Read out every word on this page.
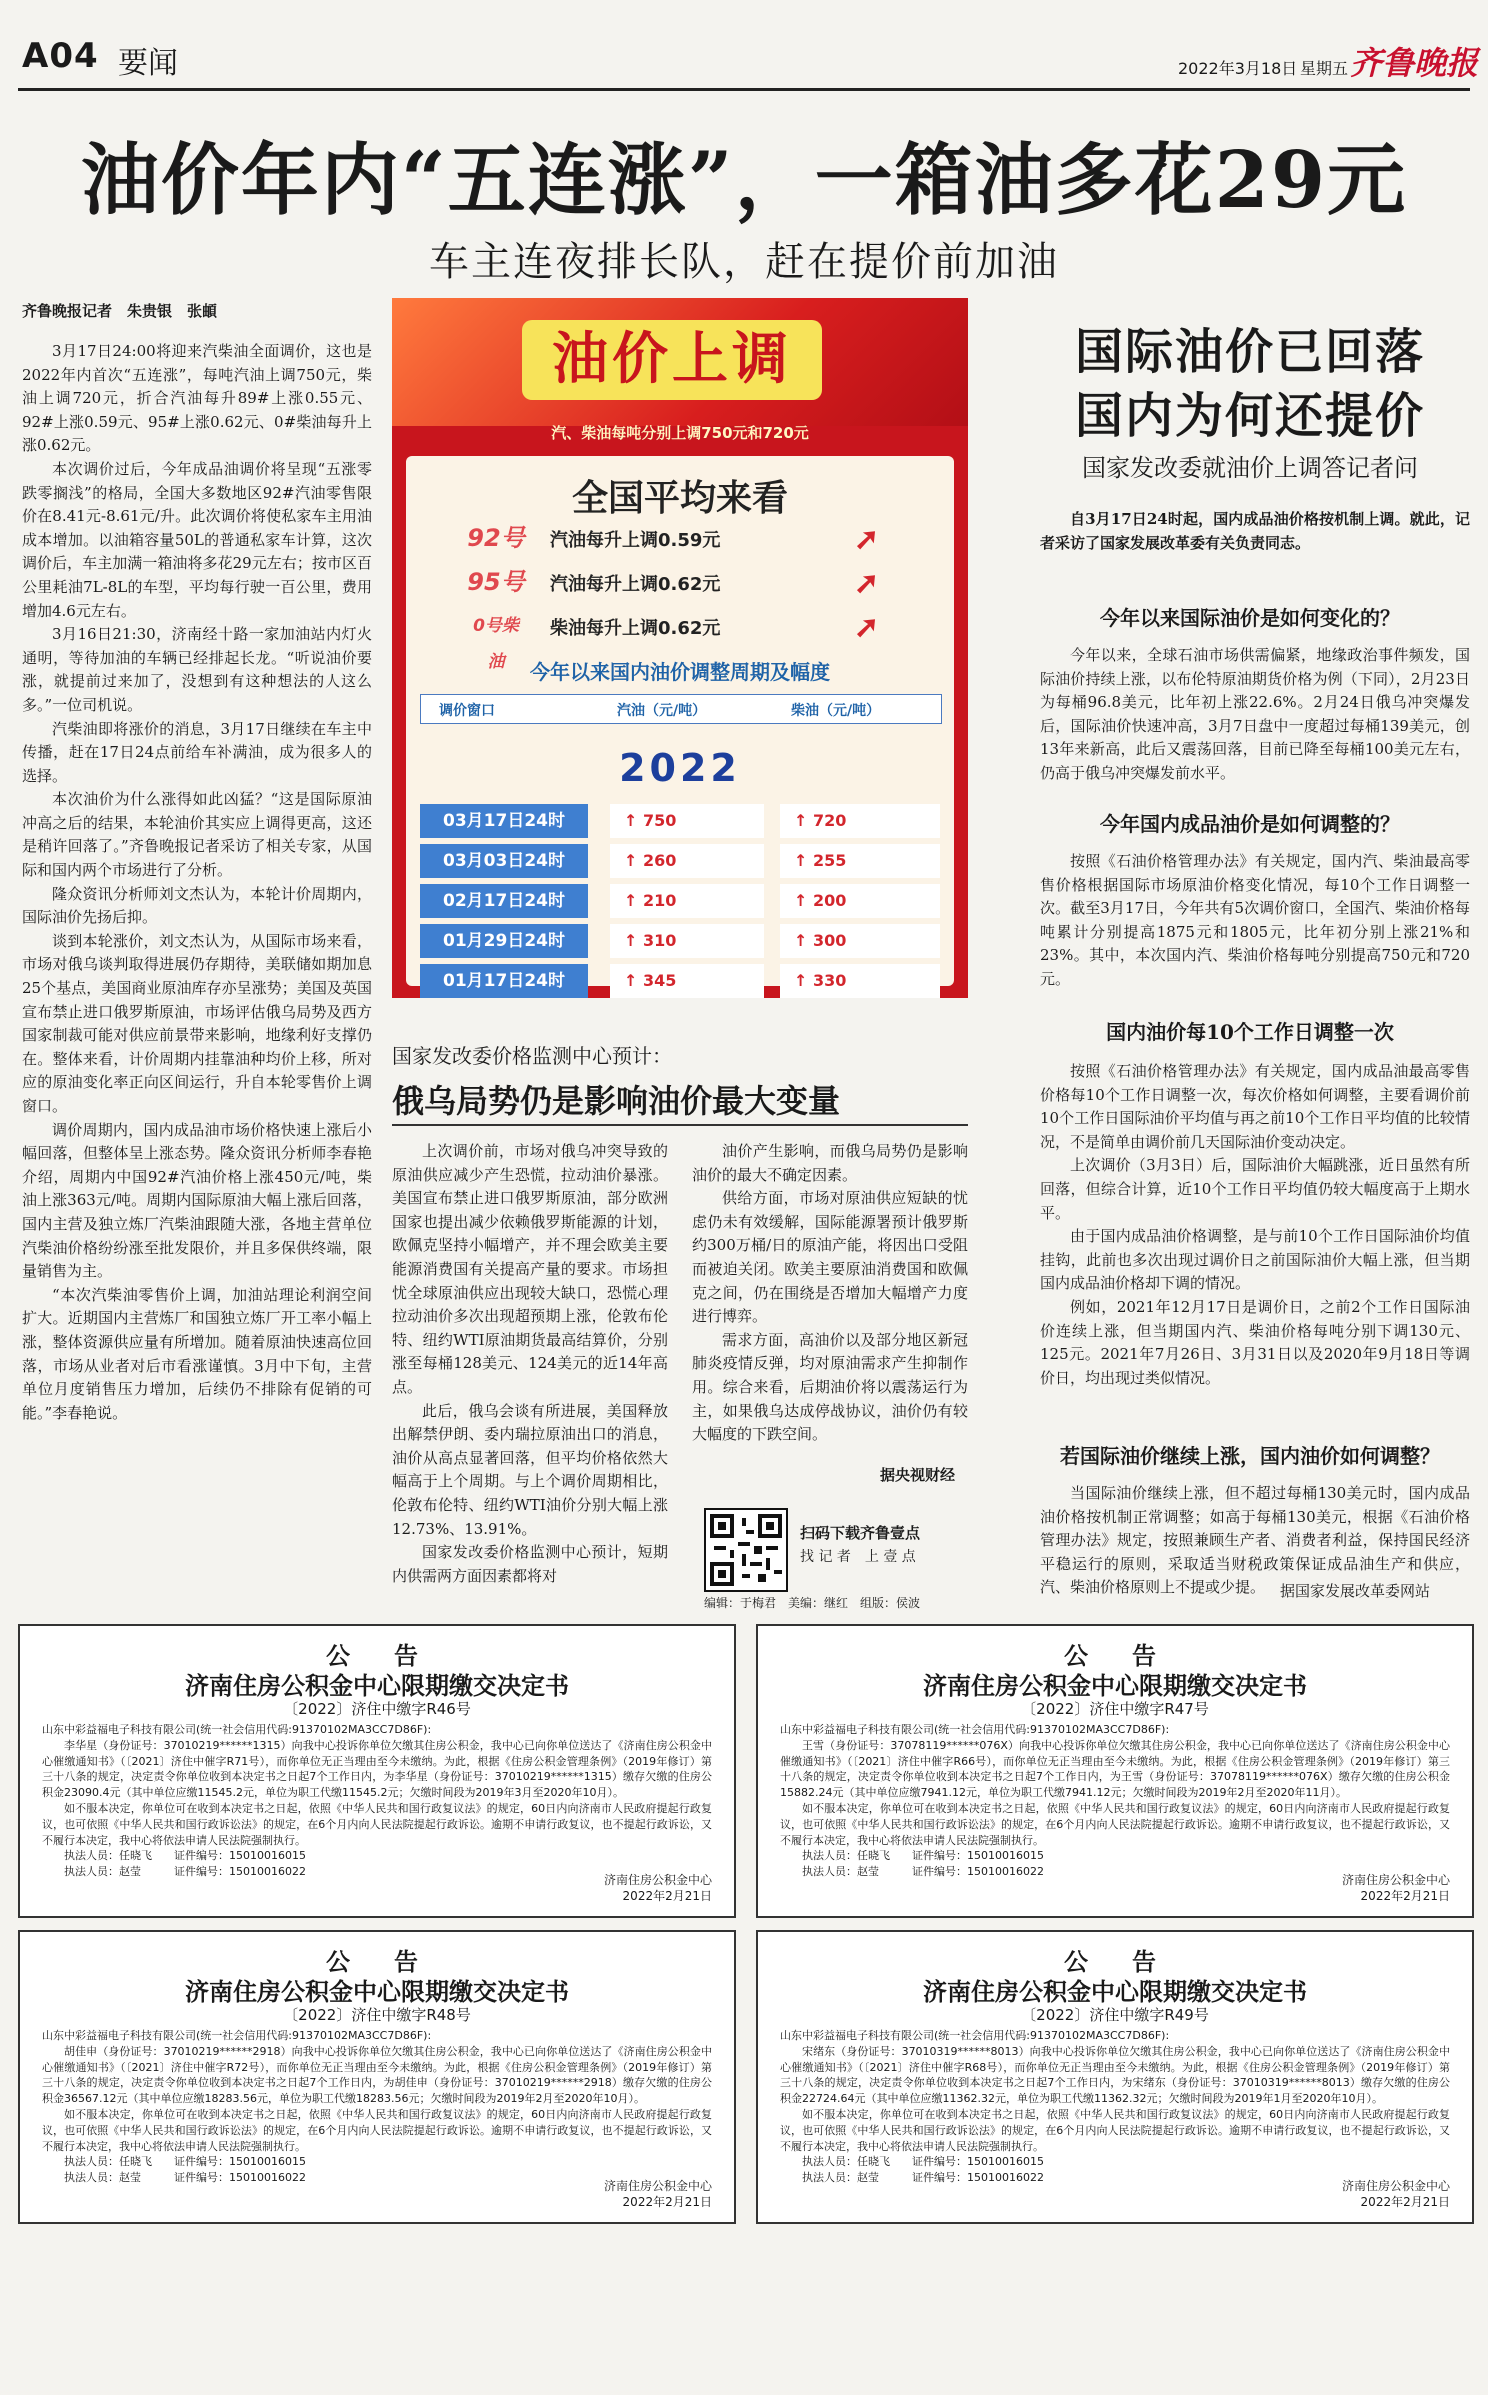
A04 要闻	2022年3月18日 星期五 齐鲁晚报
油价年内“五连涨”，一箱油多花29元
车主连夜排长队，赶在提价前加油
齐鲁晚报记者　朱贵银　张頔

3月17日24:00将迎来汽柴油全面调价，这也是2022年内首次“五连涨”，每吨汽油上调750元，柴油上调720元，折合汽油每升89#上涨0.55元、92#上涨0.59元、95#上涨0.62元、0#柴油每升上涨0.62元。

本次调价过后，今年成品油调价将呈现“五涨零跌零搁浅”的格局，全国大多数地区92#汽油零售限价在8.41元-8.61元/升。此次调价将使私家车主用油成本增加。以油箱容量50L的普通私家车计算，这次调价后，车主加满一箱油将多花29元左右；按市区百公里耗油7L-8L的车型，平均每行驶一百公里，费用增加4.6元左右。

3月16日21:30，济南经十路一家加油站内灯火通明，等待加油的车辆已经排起长龙。“听说油价要涨，就提前过来加了，没想到有这种想法的人这么多。”一位司机说。

汽柴油即将涨价的消息，3月17日继续在车主中传播，赶在17日24点前给车补满油，成为很多人的选择。

本次油价为什么涨得如此凶猛？“这是国际原油冲高之后的结果，本轮油价其实应上调得更高，这还是稍许回落了。”齐鲁晚报记者采访了相关专家，从国际和国内两个市场进行了分析。

隆众资讯分析师刘文杰认为，本轮计价周期内，国际油价先扬后抑。

谈到本轮涨价，刘文杰认为，从国际市场来看，市场对俄乌谈判取得进展仍存期待，美联储如期加息25个基点，美国商业原油库存亦呈涨势；美国及英国宣布禁止进口俄罗斯原油，市场评估俄乌局势及西方国家制裁可能对供应前景带来影响，地缘利好支撑仍在。整体来看，计价周期内挂靠油种均价上移，所对应的原油变化率正向区间运行，升自本轮零售价上调窗口。

调价周期内，国内成品油市场价格快速上涨后小幅回落，但整体呈上涨态势。隆众资讯分析师李春艳介绍，周期内中国92#汽油价格上涨450元/吨，柴油上涨363元/吨。周期内国际原油大幅上涨后回落，国内主营及独立炼厂汽柴油跟随大涨，各地主营单位汽柴油价格纷纷涨至批发限价，并且多保供终端，限量销售为主。

“本次汽柴油零售价上调，加油站理论利润空间扩大。近期国内主营炼厂和国独立炼厂开工率小幅上涨，整体资源供应量有所增加。随着原油快速高位回落，市场从业者对后市看涨谨慎。3月中下旬，主营单位月度销售压力增加，后续仍不排除有促销的可能。”李春艳说。

油价上调
汽、柴油每吨分别上调750元和720元
全国平均来看
92号 汽油每升上调0.59元	➚
95号 汽油每升上调0.62元	➚
0号柴油
柴油每升上调0.62元	➚
今年以来国内油价调整周期及幅度
调价窗口	汽油（元/吨）	柴油（元/吨）
2022
03月17日24时	↑ 750	↑ 720
03月03日24时	↑ 260	↑ 255
02月17日24时	↑ 210	↑ 200
01月29日24时	↑ 310	↑ 300
01月17日24时	↑ 345	↑ 330
国家发改委价格监测中心预计：
俄乌局势仍是影响油价最大变量

上次调价前，市场对俄乌冲突导致的原油供应减少产生恐慌，拉动油价暴涨。美国宣布禁止进口俄罗斯原油，部分欧洲国家也提出减少依赖俄罗斯能源的计划，欧佩克坚持小幅增产，并不理会欧美主要能源消费国有关提高产量的要求。市场担忧全球原油供应出现较大缺口，恐慌心理拉动油价多次出现超预期上涨，伦敦布伦特、纽约WTI原油期货最高结算价，分别涨至每桶128美元、124美元的近14年高点。

此后，俄乌会谈有所进展，美国释放出解禁伊朗、委内瑞拉原油出口的消息，油价从高点显著回落，但平均价格依然大幅高于上个周期。与上个调价周期相比，伦敦布伦特、纽约WTI油价分别大幅上涨12.73%、13.91%。

国家发改委价格监测中心预计，短期内供需两方面因素都将对

油价产生影响，而俄乌局势仍是影响油价的最大不确定因素。

供给方面，市场对原油供应短缺的忧虑仍未有效缓解，国际能源署预计俄罗斯约300万桶/日的原油产能，将因出口受阻而被迫关闭。欧美主要原油消费国和欧佩克之间，仍在围绕是否增加大幅增产力度进行博弈。

需求方面，高油价以及部分地区新冠肺炎疫情反弹，均对原油需求产生抑制作用。综合来看，后期油价将以震荡运行为主，如果俄乌达成停战协议，油价仍有较大幅度的下跌空间。

据央视财经
扫码下载齐鲁壹点
找 记 者　上 壹 点
编辑：于梅君　美编：继红　组版：侯波
国际油价已回落
国内为何还提价
国家发改委就油价上调答记者问

自3月17日24时起，国内成品油价格按机制上调。就此，记者采访了国家发展改革委有关负责同志。

今年以来国际油价是如何变化的？

今年以来，全球石油市场供需偏紧，地缘政治事件频发，国际油价持续上涨，以布伦特原油期货价格为例（下同），2月23日为每桶96.8美元，比年初上涨22.6%。2月24日俄乌冲突爆发后，国际油价快速冲高，3月7日盘中一度超过每桶139美元，创13年来新高，此后又震荡回落，目前已降至每桶100美元左右，仍高于俄乌冲突爆发前水平。

今年国内成品油价是如何调整的？

按照《石油价格管理办法》有关规定，国内汽、柴油最高零售价格根据国际市场原油价格变化情况，每10个工作日调整一次。截至3月17日，今年共有5次调价窗口，全国汽、柴油价格每吨累计分别提高1875元和1805元，比年初分别上涨21%和23%。其中，本次国内汽、柴油价格每吨分别提高750元和720元。

国内油价每10个工作日调整一次

按照《石油价格管理办法》有关规定，国内成品油最高零售价格每10个工作日调整一次，每次价格如何调整，主要看调价前10个工作日国际油价平均值与再之前10个工作日平均值的比较情况，不是简单由调价前几天国际油价变动决定。

上次调价（3月3日）后，国际油价大幅跳涨，近日虽然有所回落，但综合计算，近10个工作日平均值仍较大幅度高于上期水平。

由于国内成品油价格调整，是与前10个工作日国际油价均值挂钩，此前也多次出现过调价日之前国际油价大幅上涨，但当期国内成品油价格却下调的情况。

例如，2021年12月17日是调价日，之前2个工作日国际油价连续上涨，但当期国内汽、柴油价格每吨分别下调130元、125元。2021年7月26日、3月31日以及2020年9月18日等调价日，均出现过类似情况。

若国际油价继续上涨，国内油价如何调整？

当国际油价继续上涨，但不超过每桶130美元时，国内成品油价格按机制正常调整；如高于每桶130美元，根据《石油价格管理办法》规定，按照兼顾生产者、消费者利益，保持国民经济平稳运行的原则，采取适当财税政策保证成品油生产和供应，汽、柴油价格原则上不提或少提。 据国家发展改革委网站
公　告
济南住房公积金中心限期缴交决定书
〔2022〕济住中缴字R46号

山东中彩益福电子科技有限公司(统一社会信用代码:91370102MA3CC7D86F):

李华星（身份证号：37010219******1315）向我中心投诉你单位欠缴其住房公积金，我中心已向你单位送达了《济南住房公积金中心催缴通知书》（〔2021〕济住中催字R71号），而你单位无正当理由至今未缴纳。为此，根据《住房公积金管理条例》（2019年修订）第三十八条的规定，决定责令你单位收到本决定书之日起7个工作日内，为李华星（身份证号：37010219******1315）缴存欠缴的住房公积金23090.4元（其中单位应缴11545.2元，单位为职工代缴11545.2元；欠缴时间段为2019年3月至2020年10月）。

如不服本决定，你单位可在收到本决定书之日起，依照《中华人民共和国行政复议法》的规定，60日内向济南市人民政府提起行政复议，也可依照《中华人民共和国行政诉讼法》的规定，在6个月内向人民法院提起行政诉讼。逾期不申请行政复议，也不提起行政诉讼，又不履行本决定，我中心将依法申请人民法院强制执行。

执法人员：任晓飞　　证件编号：15010016015

执法人员：赵莹　　　证件编号：15010016022

济南住房公积金中心
2022年2月21日
公　告
济南住房公积金中心限期缴交决定书
〔2022〕济住中缴字R47号

山东中彩益福电子科技有限公司(统一社会信用代码:91370102MA3CC7D86F):

王雪（身份证号：37078119******076X）向我中心投诉你单位欠缴其住房公积金，我中心已向你单位送达了《济南住房公积金中心催缴通知书》（〔2021〕济住中催字R66号），而你单位无正当理由至今未缴纳。为此，根据《住房公积金管理条例》（2019年修订）第三十八条的规定，决定责令你单位收到本决定书之日起7个工作日内，为王雪（身份证号：37078119******076X）缴存欠缴的住房公积金15882.24元（其中单位应缴7941.12元，单位为职工代缴7941.12元；欠缴时间段为2019年2月至2020年11月）。

如不服本决定，你单位可在收到本决定书之日起，依照《中华人民共和国行政复议法》的规定，60日内向济南市人民政府提起行政复议，也可依照《中华人民共和国行政诉讼法》的规定，在6个月内向人民法院提起行政诉讼。逾期不申请行政复议，也不提起行政诉讼，又不履行本决定，我中心将依法申请人民法院强制执行。

执法人员：任晓飞　　证件编号：15010016015

执法人员：赵莹　　　证件编号：15010016022

济南住房公积金中心
2022年2月21日
公　告
济南住房公积金中心限期缴交决定书
〔2022〕济住中缴字R48号

山东中彩益福电子科技有限公司(统一社会信用代码:91370102MA3CC7D86F):

胡佳申（身份证号：37010219******2918）向我中心投诉你单位欠缴其住房公积金，我中心已向你单位送达了《济南住房公积金中心催缴通知书》（〔2021〕济住中催字R72号），而你单位无正当理由至今未缴纳。为此，根据《住房公积金管理条例》（2019年修订）第三十八条的规定，决定责令你单位收到本决定书之日起7个工作日内，为胡佳申（身份证号：37010219******2918）缴存欠缴的住房公积金36567.12元（其中单位应缴18283.56元，单位为职工代缴18283.56元；欠缴时间段为2019年2月至2020年10月）。

如不服本决定，你单位可在收到本决定书之日起，依照《中华人民共和国行政复议法》的规定，60日内向济南市人民政府提起行政复议，也可依照《中华人民共和国行政诉讼法》的规定，在6个月内向人民法院提起行政诉讼。逾期不申请行政复议，也不提起行政诉讼，又不履行本决定，我中心将依法申请人民法院强制执行。

执法人员：任晓飞　　证件编号：15010016015

执法人员：赵莹　　　证件编号：15010016022

济南住房公积金中心
2022年2月21日
公　告
济南住房公积金中心限期缴交决定书
〔2022〕济住中缴字R49号

山东中彩益福电子科技有限公司(统一社会信用代码:91370102MA3CC7D86F):

宋绪东（身份证号：37010319******8013）向我中心投诉你单位欠缴其住房公积金，我中心已向你单位送达了《济南住房公积金中心催缴通知书》（〔2021〕济住中催字R68号），而你单位无正当理由至今未缴纳。为此，根据《住房公积金管理条例》（2019年修订）第三十八条的规定，决定责令你单位收到本决定书之日起7个工作日内，为宋绪东（身份证号：37010319******8013）缴存欠缴的住房公积金22724.64元（其中单位应缴11362.32元，单位为职工代缴11362.32元；欠缴时间段为2019年1月至2020年10月）。

如不服本决定，你单位可在收到本决定书之日起，依照《中华人民共和国行政复议法》的规定，60日内向济南市人民政府提起行政复议，也可依照《中华人民共和国行政诉讼法》的规定，在6个月内向人民法院提起行政诉讼。逾期不申请行政复议，也不提起行政诉讼，又不履行本决定，我中心将依法申请人民法院强制执行。

执法人员：任晓飞　　证件编号：15010016015

执法人员：赵莹　　　证件编号：15010016022

济南住房公积金中心
2022年2月21日
